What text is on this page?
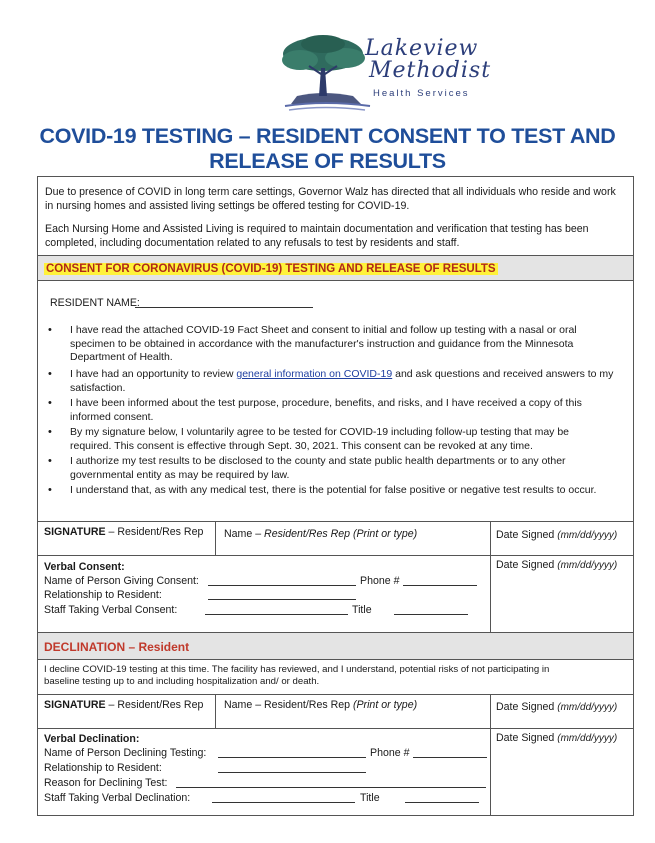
Lakeview
Methodist
Health Services
COVID-19 TESTING – RESIDENT CONSENT TO TEST AND
RELEASE OF RESULTS
Due to presence of COVID in long term care settings, Governor Walz has directed that all individuals who reside and work
in nursing homes and assisted living settings be offered testing for COVID-19.
Each Nursing Home and Assisted Living is required to maintain documentation and verification that testing has been
completed, including documentation related to any refusals to test by residents and staff.
CONSENT FOR CORONAVIRUS (COVID-19) TESTING AND RELEASE OF RESULTS
RESIDENT NAME:
• I have read the attached COVID-19 Fact Sheet and consent to initial and follow up testing with a nasal or oral
specimen to be obtained in accordance with the manufacturer's instruction and guidance from the Minnesota
Department of Health.
• I have had an opportunity to review general information on COVID-19 and ask questions and received answers to my
satisfaction.
• I have been informed about the test purpose, procedure, benefits, and risks, and I have received a copy of this
informed consent.
• By my signature below, I voluntarily agree to be tested for COVID-19 including follow-up testing that may be
required. This consent is effective through Sept. 30, 2021. This consent can be revoked at any time.
• I authorize my test results to be disclosed to the county and state public health departments or to any other
governmental entity as may be required by law.
• I understand that, as with any medical test, there is the potential for false positive or negative test results to occur.
SIGNATURE – Resident/Res Rep Name – Resident/Res Rep (Print or type)	Date Signed (mm/dd/yyyy)
Verbal Consent:
Name of Person Giving Consent:	Phone #
Relationship to Resident:
Staff Taking Verbal Consent:	Title
Date Signed (mm/dd/yyyy)
DECLINATION – Resident
I decline COVID-19 testing at this time. The facility has reviewed, and I understand, potential risks of not participating in
baseline testing up to and including hospitalization and/ or death.
SIGNATURE – Resident/Res Rep Name – Resident/Res Rep (Print or type)	Date Signed (mm/dd/yyyy)
Verbal Declination:
Name of Person Declining Testing:	Phone #
Relationship to Resident:
Reason for Declining Test:
Staff Taking Verbal Declination:	Title
Date Signed (mm/dd/yyyy)
